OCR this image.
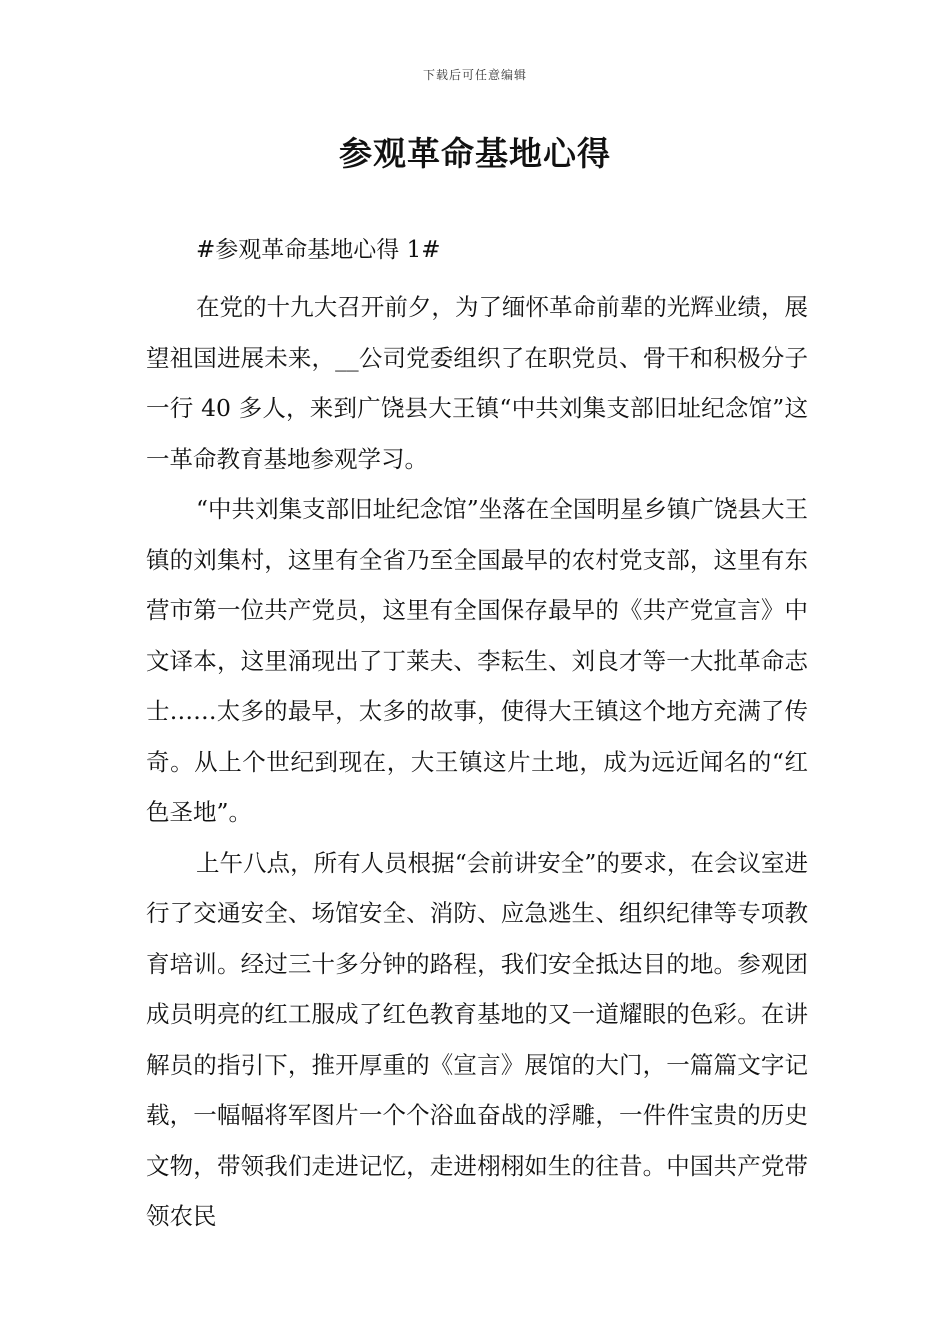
下载后可任意编辑
参观革命基地心得

#参观革命基地心得 1#

在党的十九大召开前夕，为了缅怀革命前辈的光辉业绩，展望祖国进展未来，__公司党委组织了在职党员、骨干和积极分子一行 40 多人，来到广饶县大王镇“中共刘集支部旧址纪念馆”这一革命教育基地参观学习。

“中共刘集支部旧址纪念馆”坐落在全国明星乡镇广饶县大王镇的刘集村，这里有全省乃至全国最早的农村党支部，这里有东营市第一位共产党员，这里有全国保存最早的《共产党宣言》中文译本，这里涌现出了丁莱夫、李耘生、刘良才等一大批革命志士……太多的最早，太多的故事，使得大王镇这个地方充满了传奇。从上个世纪到现在，大王镇这片土地，成为远近闻名的“红色圣地”。

上午八点，所有人员根据“会前讲安全”的要求，在会议室进行了交通安全、场馆安全、消防、应急逃生、组织纪律等专项教育培训。经过三十多分钟的路程，我们安全抵达目的地。参观团成员明亮的红工服成了红色教育基地的又一道耀眼的色彩。在讲解员的指引下，推开厚重的《宣言》展馆的大门，一篇篇文字记载，一幅幅将军图片一个个浴血奋战的浮雕，一件件宝贵的历史文物，带领我们走进记忆，走进栩栩如生的往昔。中国共产党带领农民
